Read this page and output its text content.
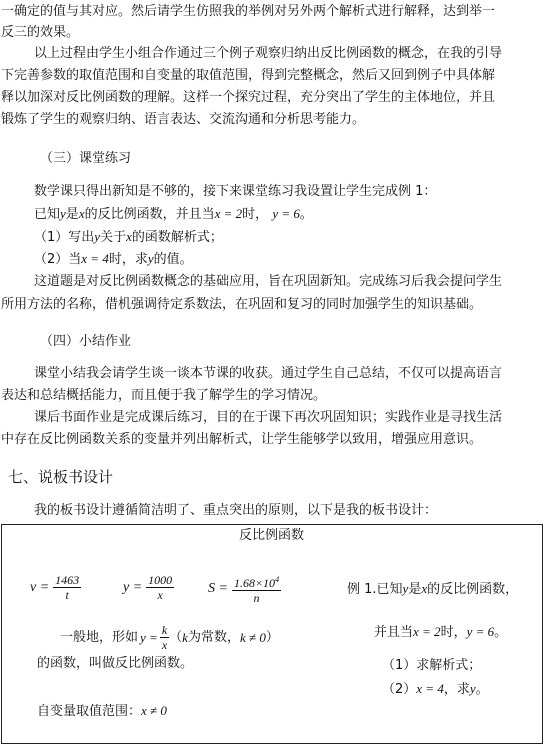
一确定的值与其对应。然后请学生仿照我的举例对另外两个解析式进行解释，达到举一
反三的效果。
以上过程由学生小组合作通过三个例子观察归纳出反比例函数的概念，在我的引导
下完善参数的取值范围和自变量的取值范围，得到完整概念，然后又回到例子中具体解
释以加深对反比例函数的理解。这样一个探究过程，充分突出了学生的主体地位，并且
锻炼了学生的观察归纳、语言表达、交流沟通和分析思考能力。
（三）课堂练习
数学课只得出新知是不够的，接下来课堂练习我设置让学生完成例 1：
已知y是x的反比例函数，并且当x = 2时， y = 6。
（1）写出y关于x的函数解析式；
（2）当x = 4时，求y的值。
这道题是对反比例函数概念的基础应用，旨在巩固新知。完成练习后我会提问学生
所用方法的名称，借机强调待定系数法，在巩固和复习的同时加强学生的知识基础。
（四）小结作业
课堂小结我会请学生谈一谈本节课的收获。通过学生自己总结，不仅可以提高语言
表达和总结概括能力，而且便于我了解学生的学习情况。
课后书面作业是完成课后练习，目的在于课下再次巩固知识；实践作业是寻找生活
中存在反比例函数关系的变量并列出解析式，让学生能够学以致用，增强应用意识。
七、说板书设计
我的板书设计遵循简洁明了、重点突出的原则，以下是我的板书设计：
反比例函数
$v = \frac{1463}{t}$	$y = \frac{1000}{x}$ $S = \frac{1.68\times 10^4}{n}$	例 1.已知y是x的反比例函数，
一般地，形如 $y = \frac{k}{x}$ （ k 为常数， k ≠ 0 ）	并且当x = 2时，y = 6。
的函数，叫做反比例函数。	（1）求解析式；
（2）x = 4，求y。
自变量取值范围：x ≠ 0
